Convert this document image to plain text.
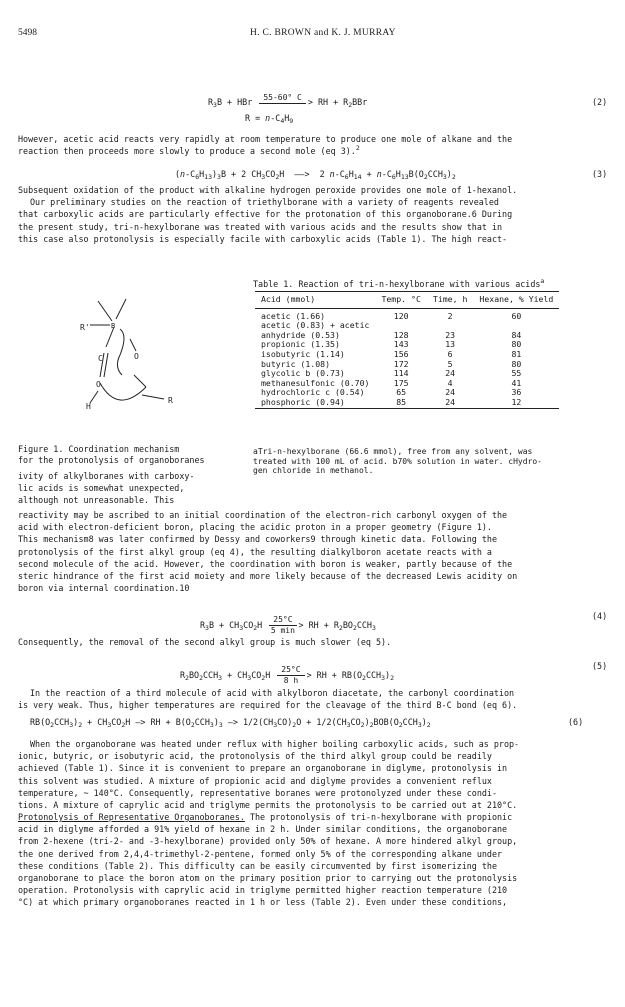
5498	H. C. BROWN and K. J. MURRAY
$R_3B$ + HBr	55-60° C > RH + $R_2BBr$	(2)
$R = n-C_4H_9$
However, acetic acid reacts very rapidly at room temperature to produce one mole of alkane and the
reaction then proceeds more slowly to produce a second mole (eq 3).$^2$
$(n-C_6H_{13})_3B + 2$ $CH_3CO_2H$  ——>  2 $n-C_6H_{14} + n-C_6H_{13}B(O_2CCH_3)_2$	(3)
Subsequent oxidation of the product with alkaline hydrogen peroxide provides one mole of 1-hexanol.
Our preliminary studies on the reaction of triethylborane with a variety of reagents revealed
that carboxylic acids are particularly effective for the protonation of this organoborane.6 During
the present study, tri-n-hexylborane was treated with various acids and the results show that in
this case also protonolysis is especially facile with carboxylic acids (Table 1). The high react-
Table 1. Reaction of tri-n-hexylborane with various acids$^a$
Acid (mmol)	Temp. °C	Time, h	Hexane, % Yield
acetic (1.66)	120	2	60
acetic (0.83) + acetic			
anhydride (0.53)	128	23	84
propionic (1.35)	143	13	80
isobutyric (1.14)	156	6	81
butyric (1.08)	172	5	80
glycolic b (0.73)	114	24	55
methanesulfonic (0.70)	175	4	41
hydrochloric c (0.54)	65	24	36
phosphoric (0.94)	85	24	12
R'	B
C	O
H
O
R
Figure 1. Coordination mechanism
for the protonolysis of organoboranes
ivity of alkylboranes with carboxy-
lic acids is somewhat unexpected,
although not unreasonable. This
aTri-n-hexylborane (66.6 mmol), free from any solvent, was
treated with 100 mL of acid. b70% solution in water. cHydro-
gen chloride in methanol.
reactivity may be ascribed to an initial coordination of the electron-rich carbonyl oxygen of the
acid with electron-deficient boron, placing the acidic proton in a proper geometry (Figure 1).
This mechanism8 was later confirmed by Dessy and coworkers9 through kinetic data. Following the
protonolysis of the first alkyl group (eq 4), the resulting dialkylboron acetate reacts with a
second molecule of the acid. However, the coordination with boron is weaker, partly because of the
steric hindrance of the first acid moiety and more likely because of the decreased Lewis acidity on
boron via internal coordination.10
$R_3B + CH_3CO_2H$
25°C
5 min
> RH + $R_2BO_2CCH_3$
(4)
Consequently, the removal of the second alkyl group is much slower (eq 5).
$R_2BO_2CCH_3 + CH_3CO_2H \frac{25^\circ C}{8 h}$ > RH + $RB(O_2CCH_3)_2$
(5)
In the reaction of a third molecule of acid with alkylboron diacetate, the carbonyl coordination
is very weak. Thus, higher temperatures are required for the cleavage of the third B-C bond (eq 6).
$RB(O_2CCH_3)_2 + CH_3CO_2H$ —> RH + $B(O_2CCH_3)_3$ —> $1/2(CH_3CO)_2O + 1/2(CH_3CO_2)_2BOB(O_2CCH_3)_2$	(6)
When the organoborane was heated under reflux with higher boiling carboxylic acids, such as prop-
ionic, butyric, or isobutyric acid, the protonolysis of the third alkyl group could be readily
achieved (Table 1). Since it is convenient to prepare an organoborane in diglyme, protonolysis in
this solvent was studied. A mixture of propionic acid and diglyme provides a convenient reflux
temperature, ~ 140°C. Consequently, representative boranes were protonolyzed under these condi-
tions. A mixture of caprylic acid and triglyme permits the protonolysis to be carried out at 210°C.
Protonolysis of Representative Organoboranes. The protonolysis of tri-n-hexylborane with propionic
acid in diglyme afforded a 91% yield of hexane in 2 h. Under similar conditions, the organoborane
from 2-hexene (tri-2- and -3-hexylborane) provided only 50% of hexane. A more hindered alkyl group,
the one derived from 2,4,4-trimethyl-2-pentene, formed only 5% of the corresponding alkane under
these conditions (Table 2). This difficulty can be easily circumvented by first isomerizing the
organoborane to place the boron atom on the primary position prior to carrying out the protonolysis
operation. Protonolysis with caprylic acid in triglyme permitted higher reaction temperature (210
°C) at which primary organoboranes reacted in 1 h or less (Table 2). Even under these conditions,
